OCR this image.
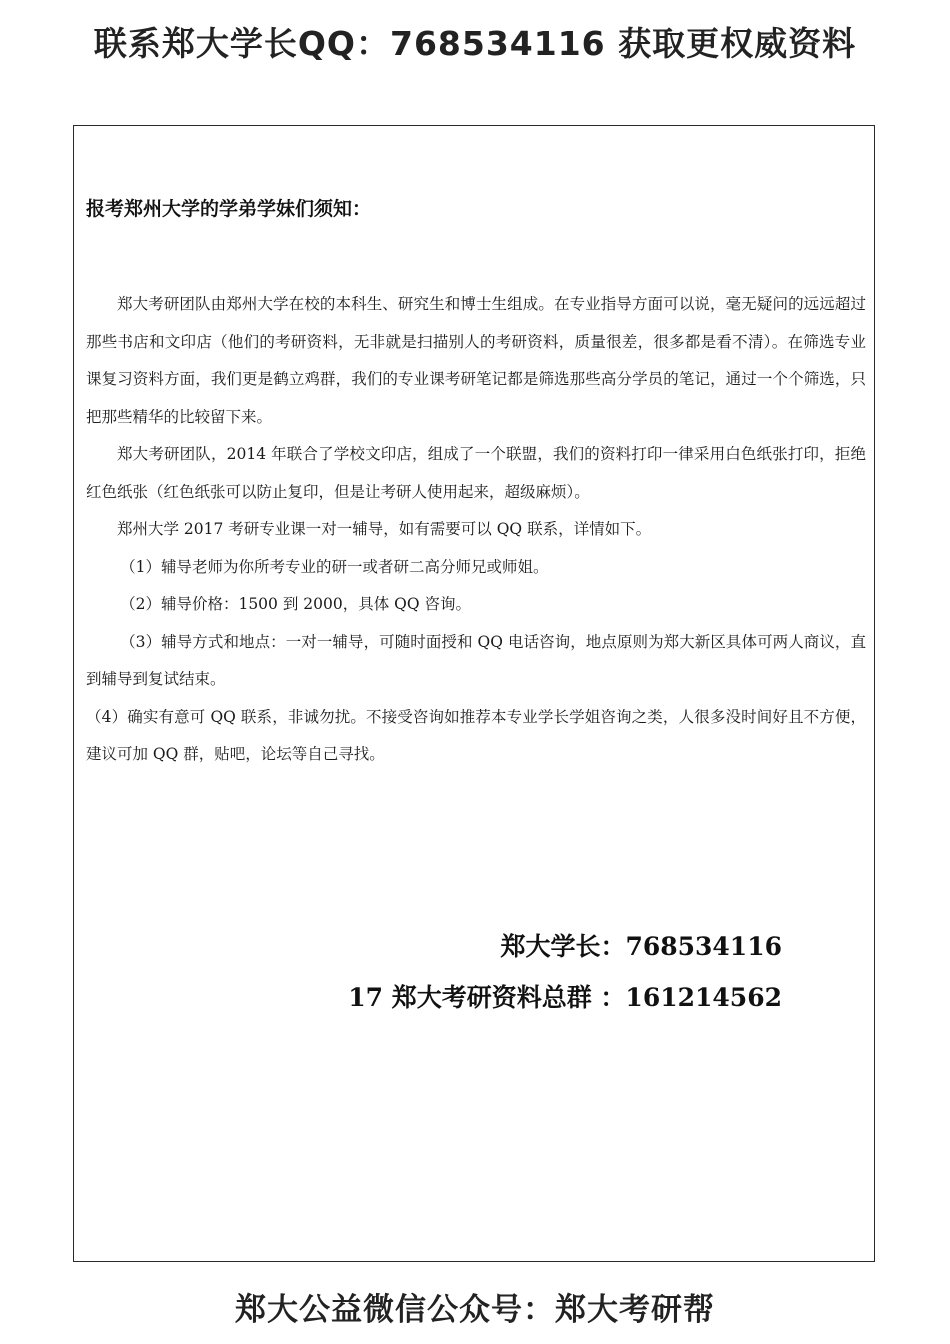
联系郑大学长QQ：768534116 获取更权威资料
报考郑州大学的学弟学妹们须知：

郑大考研团队由郑州大学在校的本科生、研究生和博士生组成。在专业指导方面可以说，毫无疑问的远远超过那些书店和文印店（他们的考研资料，无非就是扫描别人的考研资料，质量很差，很多都是看不清）。在筛选专业课复习资料方面，我们更是鹤立鸡群，我们的专业课考研笔记都是筛选那些高分学员的笔记，通过一个个筛选，只把那些精华的比较留下来。

郑大考研团队，2014 年联合了学校文印店，组成了一个联盟，我们的资料打印一律采用白色纸张打印，拒绝红色纸张（红色纸张可以防止复印，但是让考研人使用起来，超级麻烦）。

郑州大学 2017 考研专业课一对一辅导，如有需要可以 QQ 联系，详情如下。

（1）辅导老师为你所考专业的研一或者研二高分师兄或师姐。

（2）辅导价格：1500 到 2000，具体 QQ 咨询。

（3）辅导方式和地点：一对一辅导，可随时面授和 QQ 电话咨询，地点原则为郑大新区具体可两人商议，直到辅导到复试结束。

（4）确实有意可 QQ 联系，非诚勿扰。不接受咨询如推荐本专业学长学姐咨询之类，人很多没时间好且不方便，建议可加 QQ 群，贴吧，论坛等自己寻找。

郑大学长：768534116
17 郑大考研资料总群 ：161214562
郑大公益微信公众号：郑大考研帮
